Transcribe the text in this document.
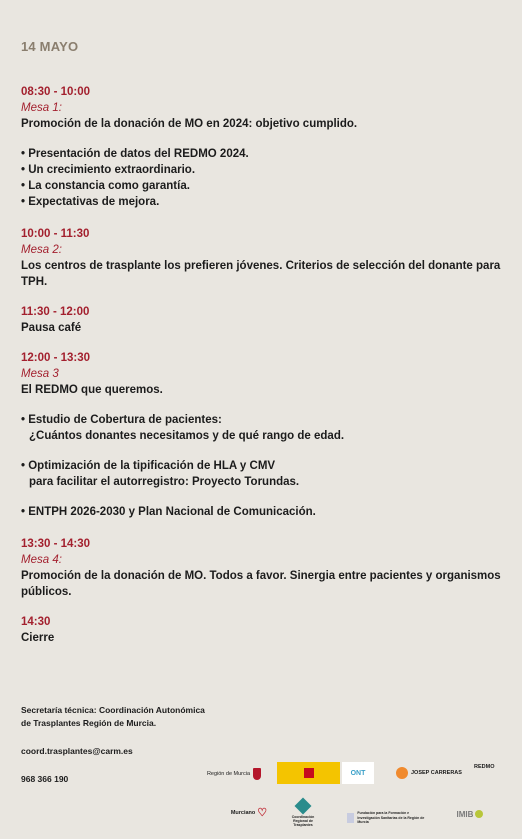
14 MAYO
08:30 - 10:00
Mesa 1:
Promoción de la donación de MO en 2024: objetivo cumplido.
• Presentación de datos del REDMO 2024.
• Un crecimiento extraordinario.
• La constancia como garantía.
• Expectativas de mejora.
10:00 - 11:30
Mesa 2:
Los centros de trasplante los prefieren jóvenes. Criterios de selección del donante para TPH.
11:30 - 12:00
Pausa café
12:00 - 13:30
Mesa 3
El REDMO que queremos.
• Estudio de Cobertura de pacientes:
¿Cuántos donantes necesitamos y de qué rango de edad.
• Optimización de la tipificación de HLA y CMV
para facilitar el autorregistro: Proyecto Torundas.
• ENTPH 2026-2030 y Plan Nacional de Comunicación.
13:30 - 14:30
Mesa 4:
Promoción de la donación de MO. Todos a favor. Sinergia entre pacientes y organismos públicos.
14:30
Cierre
Secretaría técnica: Coordinación Autonómica
de Trasplantes Región de Murcia.
coord.trasplantes@carm.es
968 366 190
Región de Murcia	ONT	JOSEP CARRERAS
REDMO
Murciano ♡	Coordinación Regional de Trasplantes
Fundación para la Formación e Investigación Sanitarias de la Región de Murcia
IMIB
